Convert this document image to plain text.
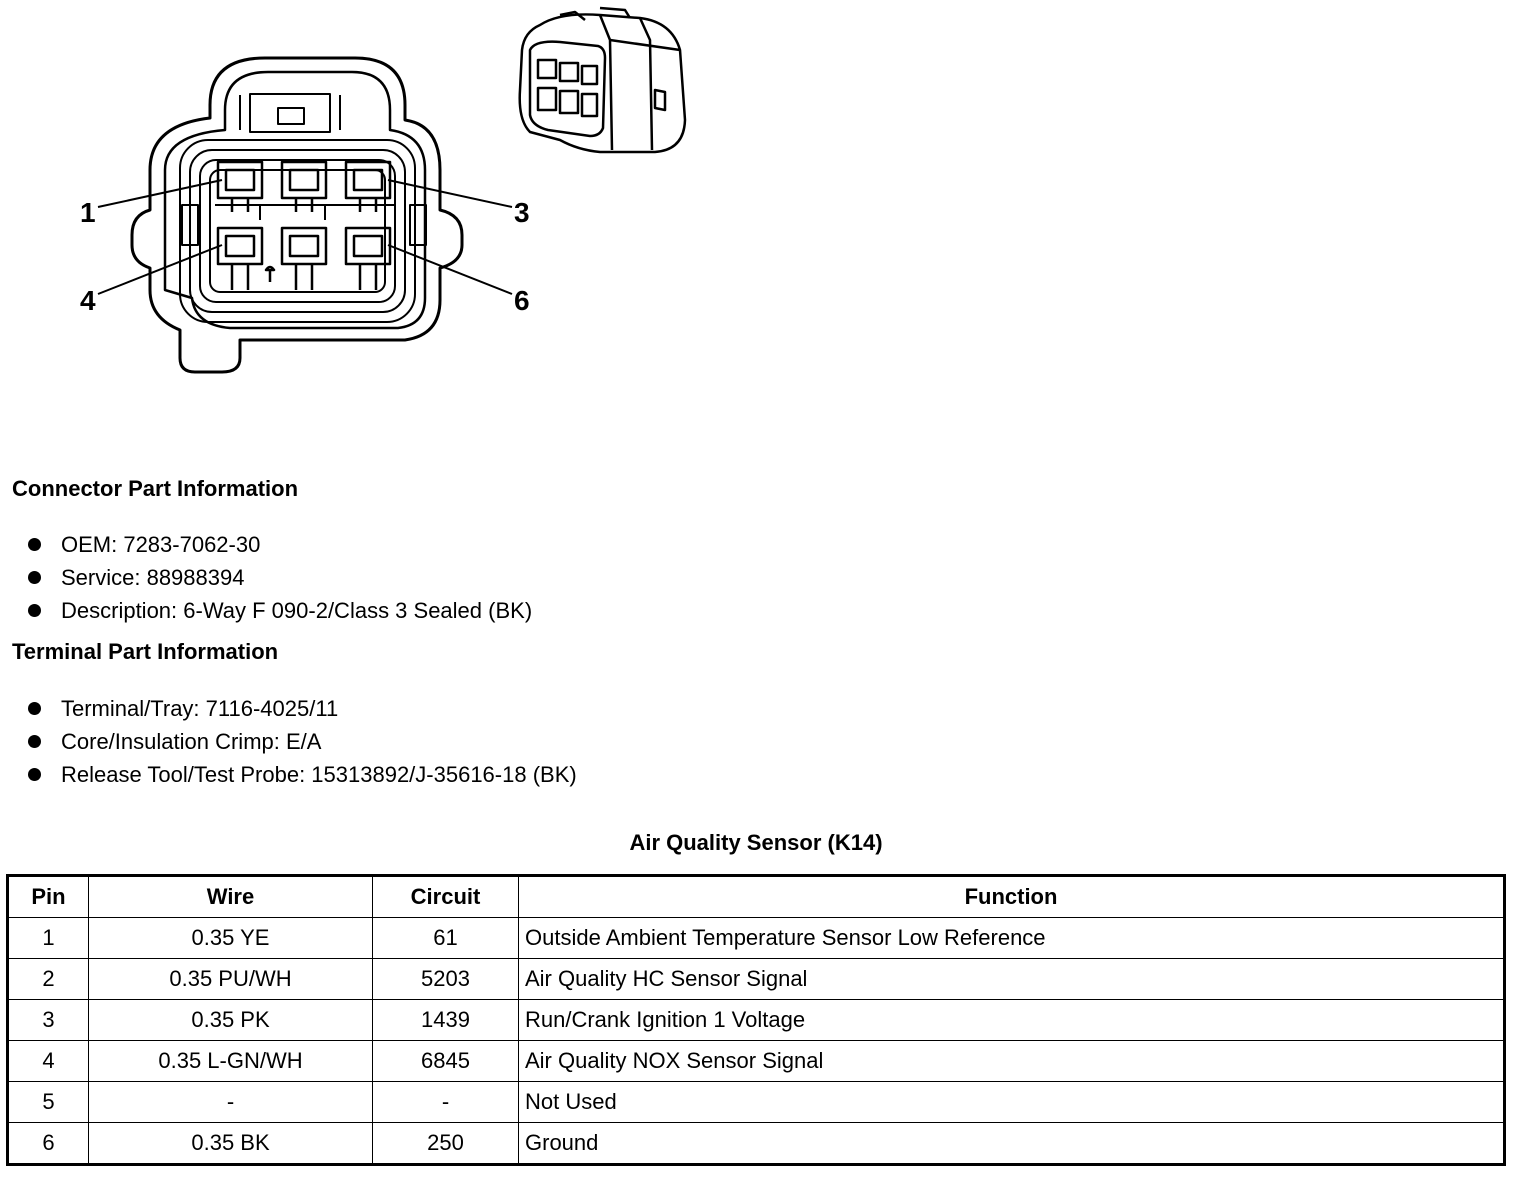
1	3
4	6
Connector Part Information
OEM: 7283-7062-30
Service: 88988394
Description: 6-Way F 090-2/Class 3 Sealed (BK)
Terminal Part Information
Terminal/Tray: 7116-4025/11
Core/Insulation Crimp: E/A
Release Tool/Test Probe: 15313892/J-35616-18 (BK)
Air Quality Sensor (K14)
Pin	Wire	Circuit	Function
1	0.35 YE	61	Outside Ambient Temperature Sensor Low Reference
2	0.35 PU/WH	5203	Air Quality HC Sensor Signal
3	0.35 PK	1439	Run/Crank Ignition 1 Voltage
4	0.35 L-GN/WH	6845	Air Quality NOX Sensor Signal
5	-	-	Not Used
6	0.35 BK	250	Ground
